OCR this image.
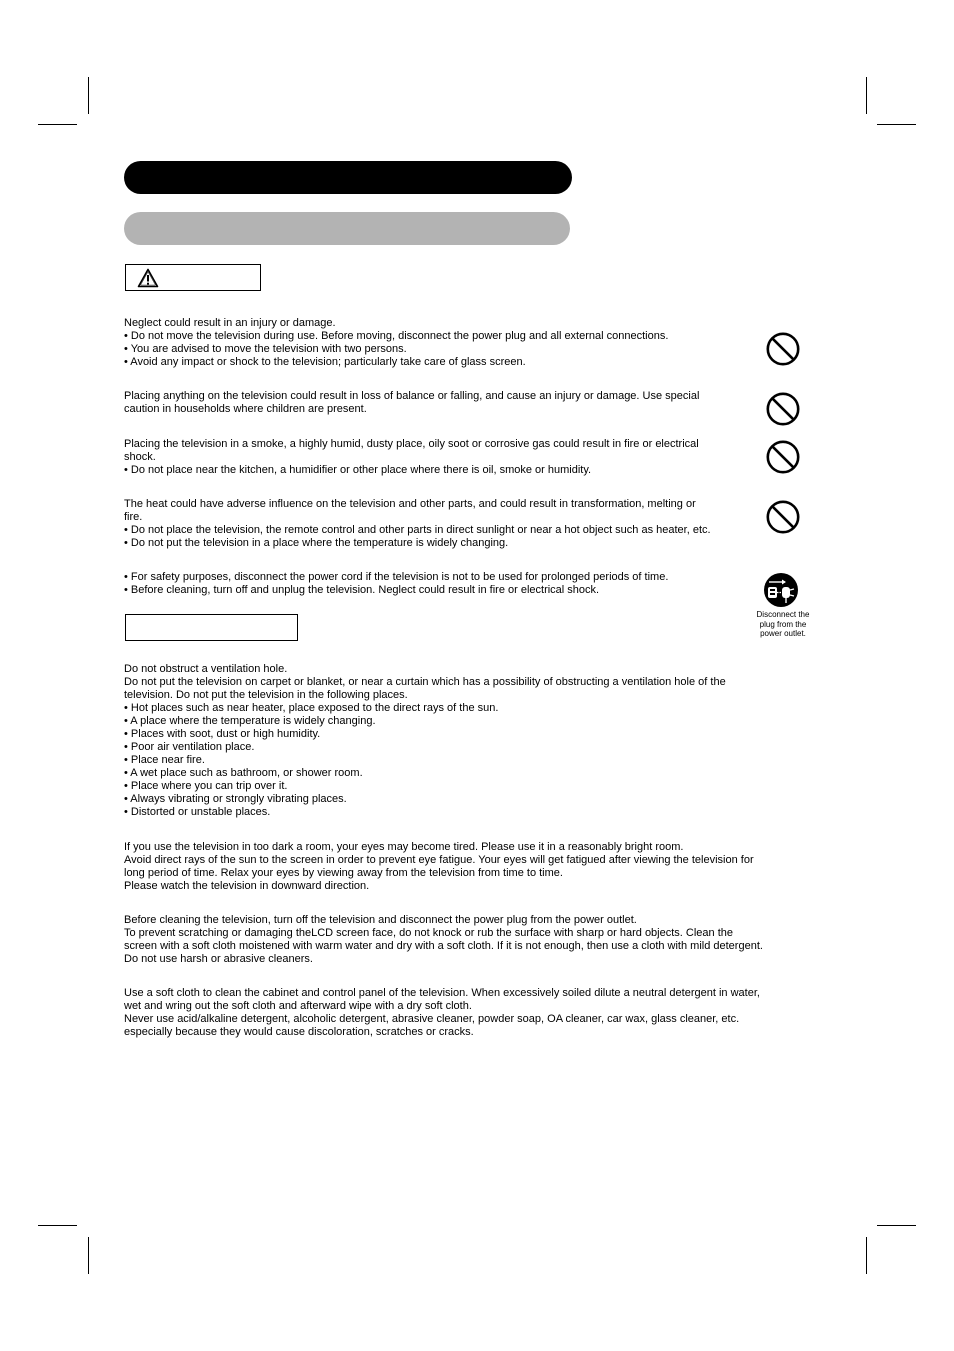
Neglect could result in an injury or damage.
• Do not move the television during use. Before moving, disconnect the power plug and all external connections.
• You are advised to move the television with two persons.
• Avoid any impact or shock to the television; particularly take care of glass screen.

Placing anything on the television could result in loss of balance or falling, and cause an injury or damage. Use special
caution in households where children are present.

Placing the television in a smoke, a highly humid, dusty place, oily soot or corrosive gas could result in fire or electrical
shock.
• Do not place near the kitchen, a humidifier or other place where there is oil, smoke or humidity.

The heat could have adverse influence on the television and other parts, and could result in transformation, melting or
fire.
• Do not place the television, the remote control and other parts in direct sunlight or near a hot object such as heater, etc.
• Do not put the television in a place where the temperature is widely changing.

• For safety purposes, disconnect the power cord if the television is not to be used for prolonged periods of time.
• Before cleaning, turn off and unplug the television. Neglect could result in fire or electrical shock.

Do not obstruct a ventilation hole.
Do not put the television on carpet or blanket, or near a curtain which has a possibility of obstructing a ventilation hole of the
television. Do not put the television in the following places.
• Hot places such as near heater, place exposed to the direct rays of the sun.
• A place where the temperature is widely changing.
• Places with soot, dust or high humidity.
• Poor air ventilation place.
• Place near fire.
• A wet place such as bathroom, or shower room.
• Place where you can trip over it.
• Always vibrating or strongly vibrating places.
• Distorted or unstable places.

If you use the television in too dark a room, your eyes may become tired. Please use it in a reasonably bright room.
Avoid direct rays of the sun to the screen in order to prevent eye fatigue. Your eyes will get fatigued after viewing the television for
long period of time. Relax your eyes by viewing away from the television from time to time.
Please watch the television in downward direction.

Before cleaning the television, turn off the television and disconnect the power plug from the power outlet.
To prevent scratching or damaging theLCD screen face, do not knock or rub the surface with sharp or hard objects. Clean the
screen with a soft cloth moistened with warm water and dry with a soft cloth. If it is not enough, then use a cloth with mild detergent.
Do not use harsh or abrasive cleaners.

Use a soft cloth to clean the cabinet and control panel of the television. When excessively soiled dilute a neutral detergent in water,
wet and wring out the soft cloth and afterward wipe with a dry soft cloth.
Never use acid/alkaline detergent, alcoholic detergent, abrasive cleaner, powder soap, OA cleaner, car wax, glass cleaner, etc.
especially because they would cause discoloration, scratches or cracks.

Disconnect the
plug from the
power outlet.
